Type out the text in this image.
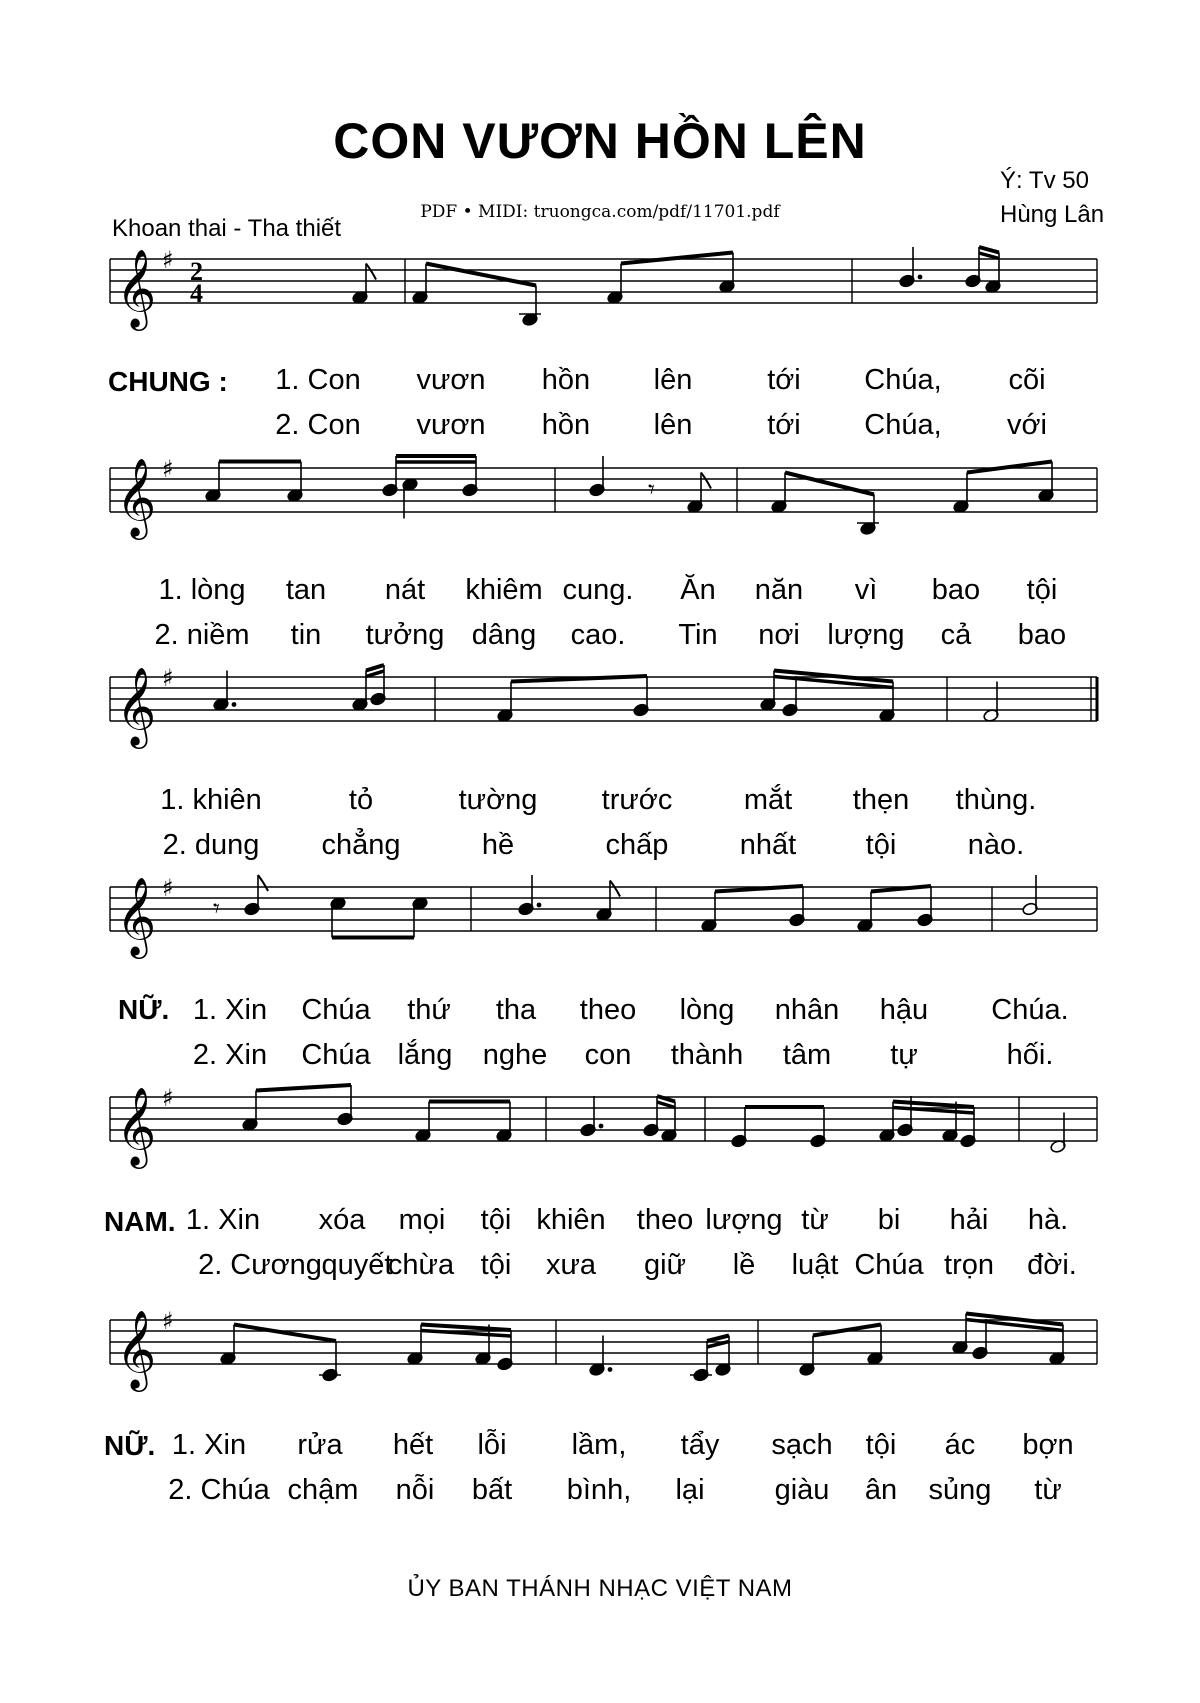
𝄞 ♯ 2
4
𝄞 ♯
𝄾
𝄞 ♯
𝄞 ♯
𝄾
𝄞 ♯
𝄞 ♯
CON VƯƠN HỒN LÊN
PDF • MIDI: truongca.com/pdf/11701.pdf
Khoan thai - Tha thiết
Ý: Tv 50
Hùng Lân
CHUNG : 1. Con vươn hồn lên	tới Chúa, cõi
2. Con vươn hồn lên	tới Chúa, với
1. lòng tan nát khiêm cung. Ăn năn vì bao tội
2. niềm tin tưởng dâng cao. Tin nơi lượng cả bao
1. khiên	tỏ	tường trước mắt thẹn thùng.
2. dung chẳng	hề	chấp nhất tội nào.
NỮ. 1. Xin Chúa thứ tha theo lòng nhân hậu Chúa.
2. Xin Chúa lắng nghe con thành tâm tự	hối.
NAM. 1. Xin xóa mọi tội khiên theo lượng từ bi hải hà.
2. Cương quyết
chừa tội xưa giữ lề luật Chúa trọn đời.
NỮ. 1. Xin rửa hết lỗi lầm, tẩy sạch tội ác bợn
2. Chúa chậm nỗi bất bình, lại giàu ân sủng từ
ỦY BAN THÁNH NHẠC VIỆT NAM
